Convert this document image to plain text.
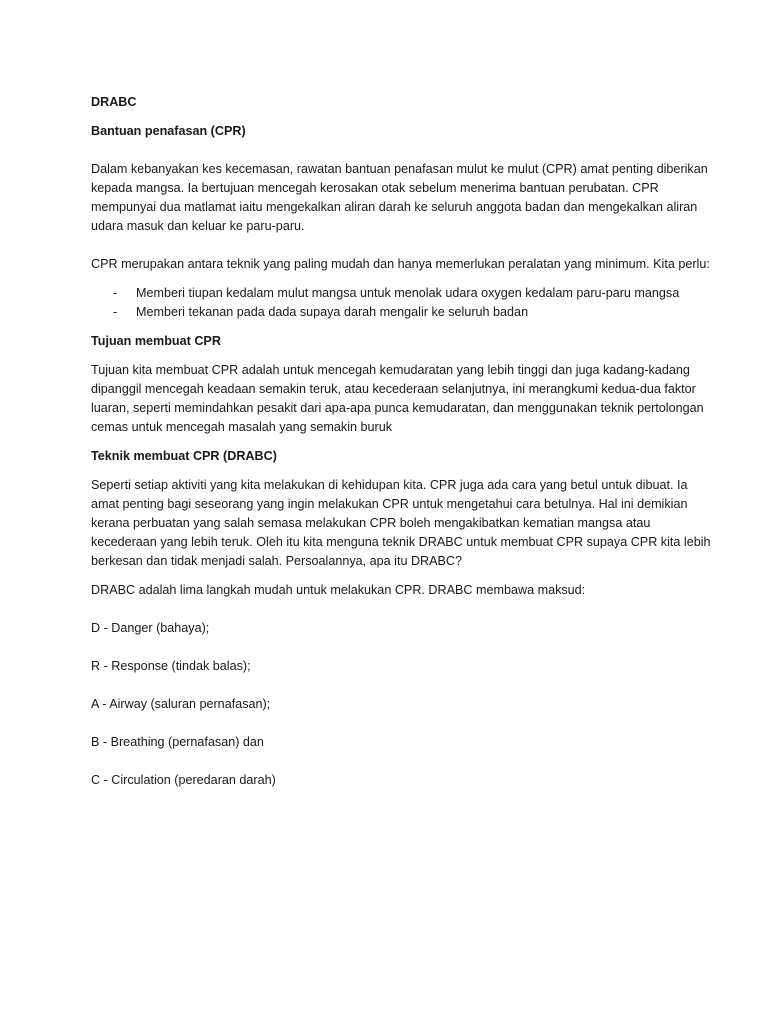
DRABC

Bantuan penafasan (CPR)

Dalam kebanyakan kes kecemasan, rawatan bantuan penafasan mulut ke mulut (CPR) amat penting diberikan kepada mangsa. Ia bertujuan mencegah kerosakan otak sebelum menerima bantuan perubatan. CPR mempunyai dua matlamat iaitu mengekalkan aliran darah ke seluruh anggota badan dan mengekalkan aliran udara masuk dan keluar ke paru-paru.

CPR merupakan antara teknik yang paling mudah dan hanya memerlukan peralatan yang minimum. Kita perlu:

- Memberi tiupan kedalam mulut mangsa untuk menolak udara oxygen kedalam paru-paru mangsa
- Memberi tekanan pada dada supaya darah mengalir ke seluruh badan

Tujuan membuat CPR

Tujuan kita membuat CPR adalah untuk mencegah kemudaratan yang lebih tinggi dan juga kadang-kadang dipanggil mencegah keadaan semakin teruk, atau kecederaan selanjutnya, ini merangkumi kedua-dua faktor luaran, seperti memindahkan pesakit dari apa-apa punca kemudaratan, dan menggunakan teknik pertolongan cemas untuk mencegah masalah yang semakin buruk

Teknik membuat CPR (DRABC)

Seperti setiap aktiviti yang kita melakukan di kehidupan kita. CPR juga ada cara yang betul untuk dibuat. Ia amat penting bagi seseorang yang ingin melakukan CPR untuk mengetahui cara betulnya. Hal ini demikian kerana perbuatan yang salah semasa melakukan CPR boleh mengakibatkan kematian mangsa atau kecederaan yang lebih teruk. Oleh itu kita menguna teknik DRABC untuk membuat CPR supaya CPR kita lebih berkesan dan tidak menjadi salah. Persoalannya, apa itu DRABC?

DRABC adalah lima langkah mudah untuk melakukan CPR. DRABC membawa maksud:

D - Danger (bahaya);

R - Response (tindak balas);

A - Airway (saluran pernafasan);

B - Breathing (pernafasan) dan

C - Circulation (peredaran darah)
